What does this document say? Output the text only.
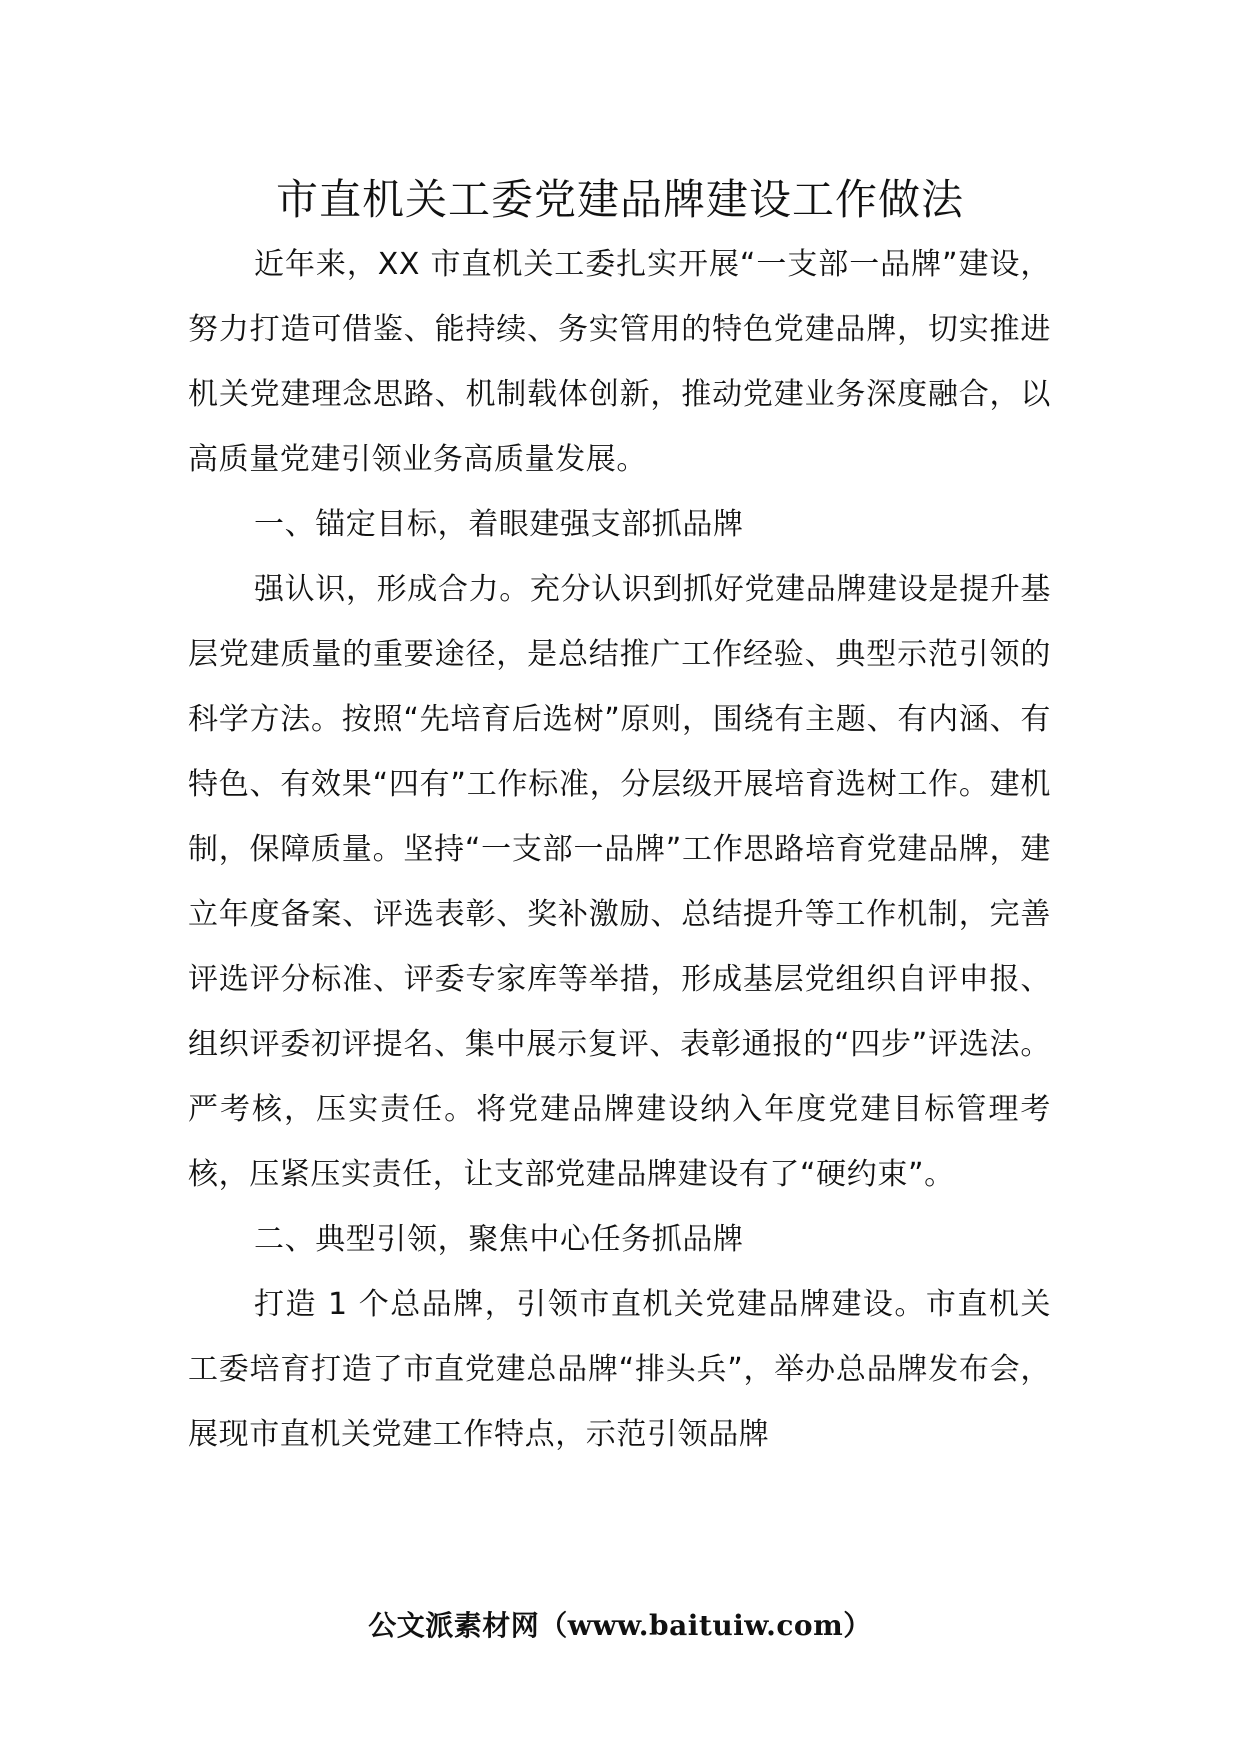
市直机关工委党建品牌建设工作做法

近年来，XX 市直机关工委扎实开展“一支部一品牌”建设，努力打造可借鉴、能持续、务实管用的特色党建品牌，切实推进机关党建理念思路、机制载体创新，推动党建业务深度融合，以高质量党建引领业务高质量发展。

一、锚定目标，着眼建强支部抓品牌

强认识，形成合力。充分认识到抓好党建品牌建设是提升基层党建质量的重要途径，是总结推广工作经验、典型示范引领的科学方法。按照“先培育后选树”原则，围绕有主题、有内涵、有特色、有效果“四有”工作标准，分层级开展培育选树工作。建机制，保障质量。坚持“一支部一品牌”工作思路培育党建品牌，建立年度备案、评选表彰、奖补激励、总结提升等工作机制，完善评选评分标准、评委专家库等举措，形成基层党组织自评申报、组织评委初评提名、集中展示复评、表彰通报的“四步”评选法。严考核，压实责任。将党建品牌建设纳入年度党建目标管理考核，压紧压实责任，让支部党建品牌建设有了“硬约束”。

二、典型引领，聚焦中心任务抓品牌

打造 1 个总品牌，引领市直机关党建品牌建设。市直机关工委培育打造了市直党建总品牌“排头兵”，举办总品牌发布会，展现市直机关党建工作特点，示范引领品牌

公文派素材网（www.baituiw.com）
